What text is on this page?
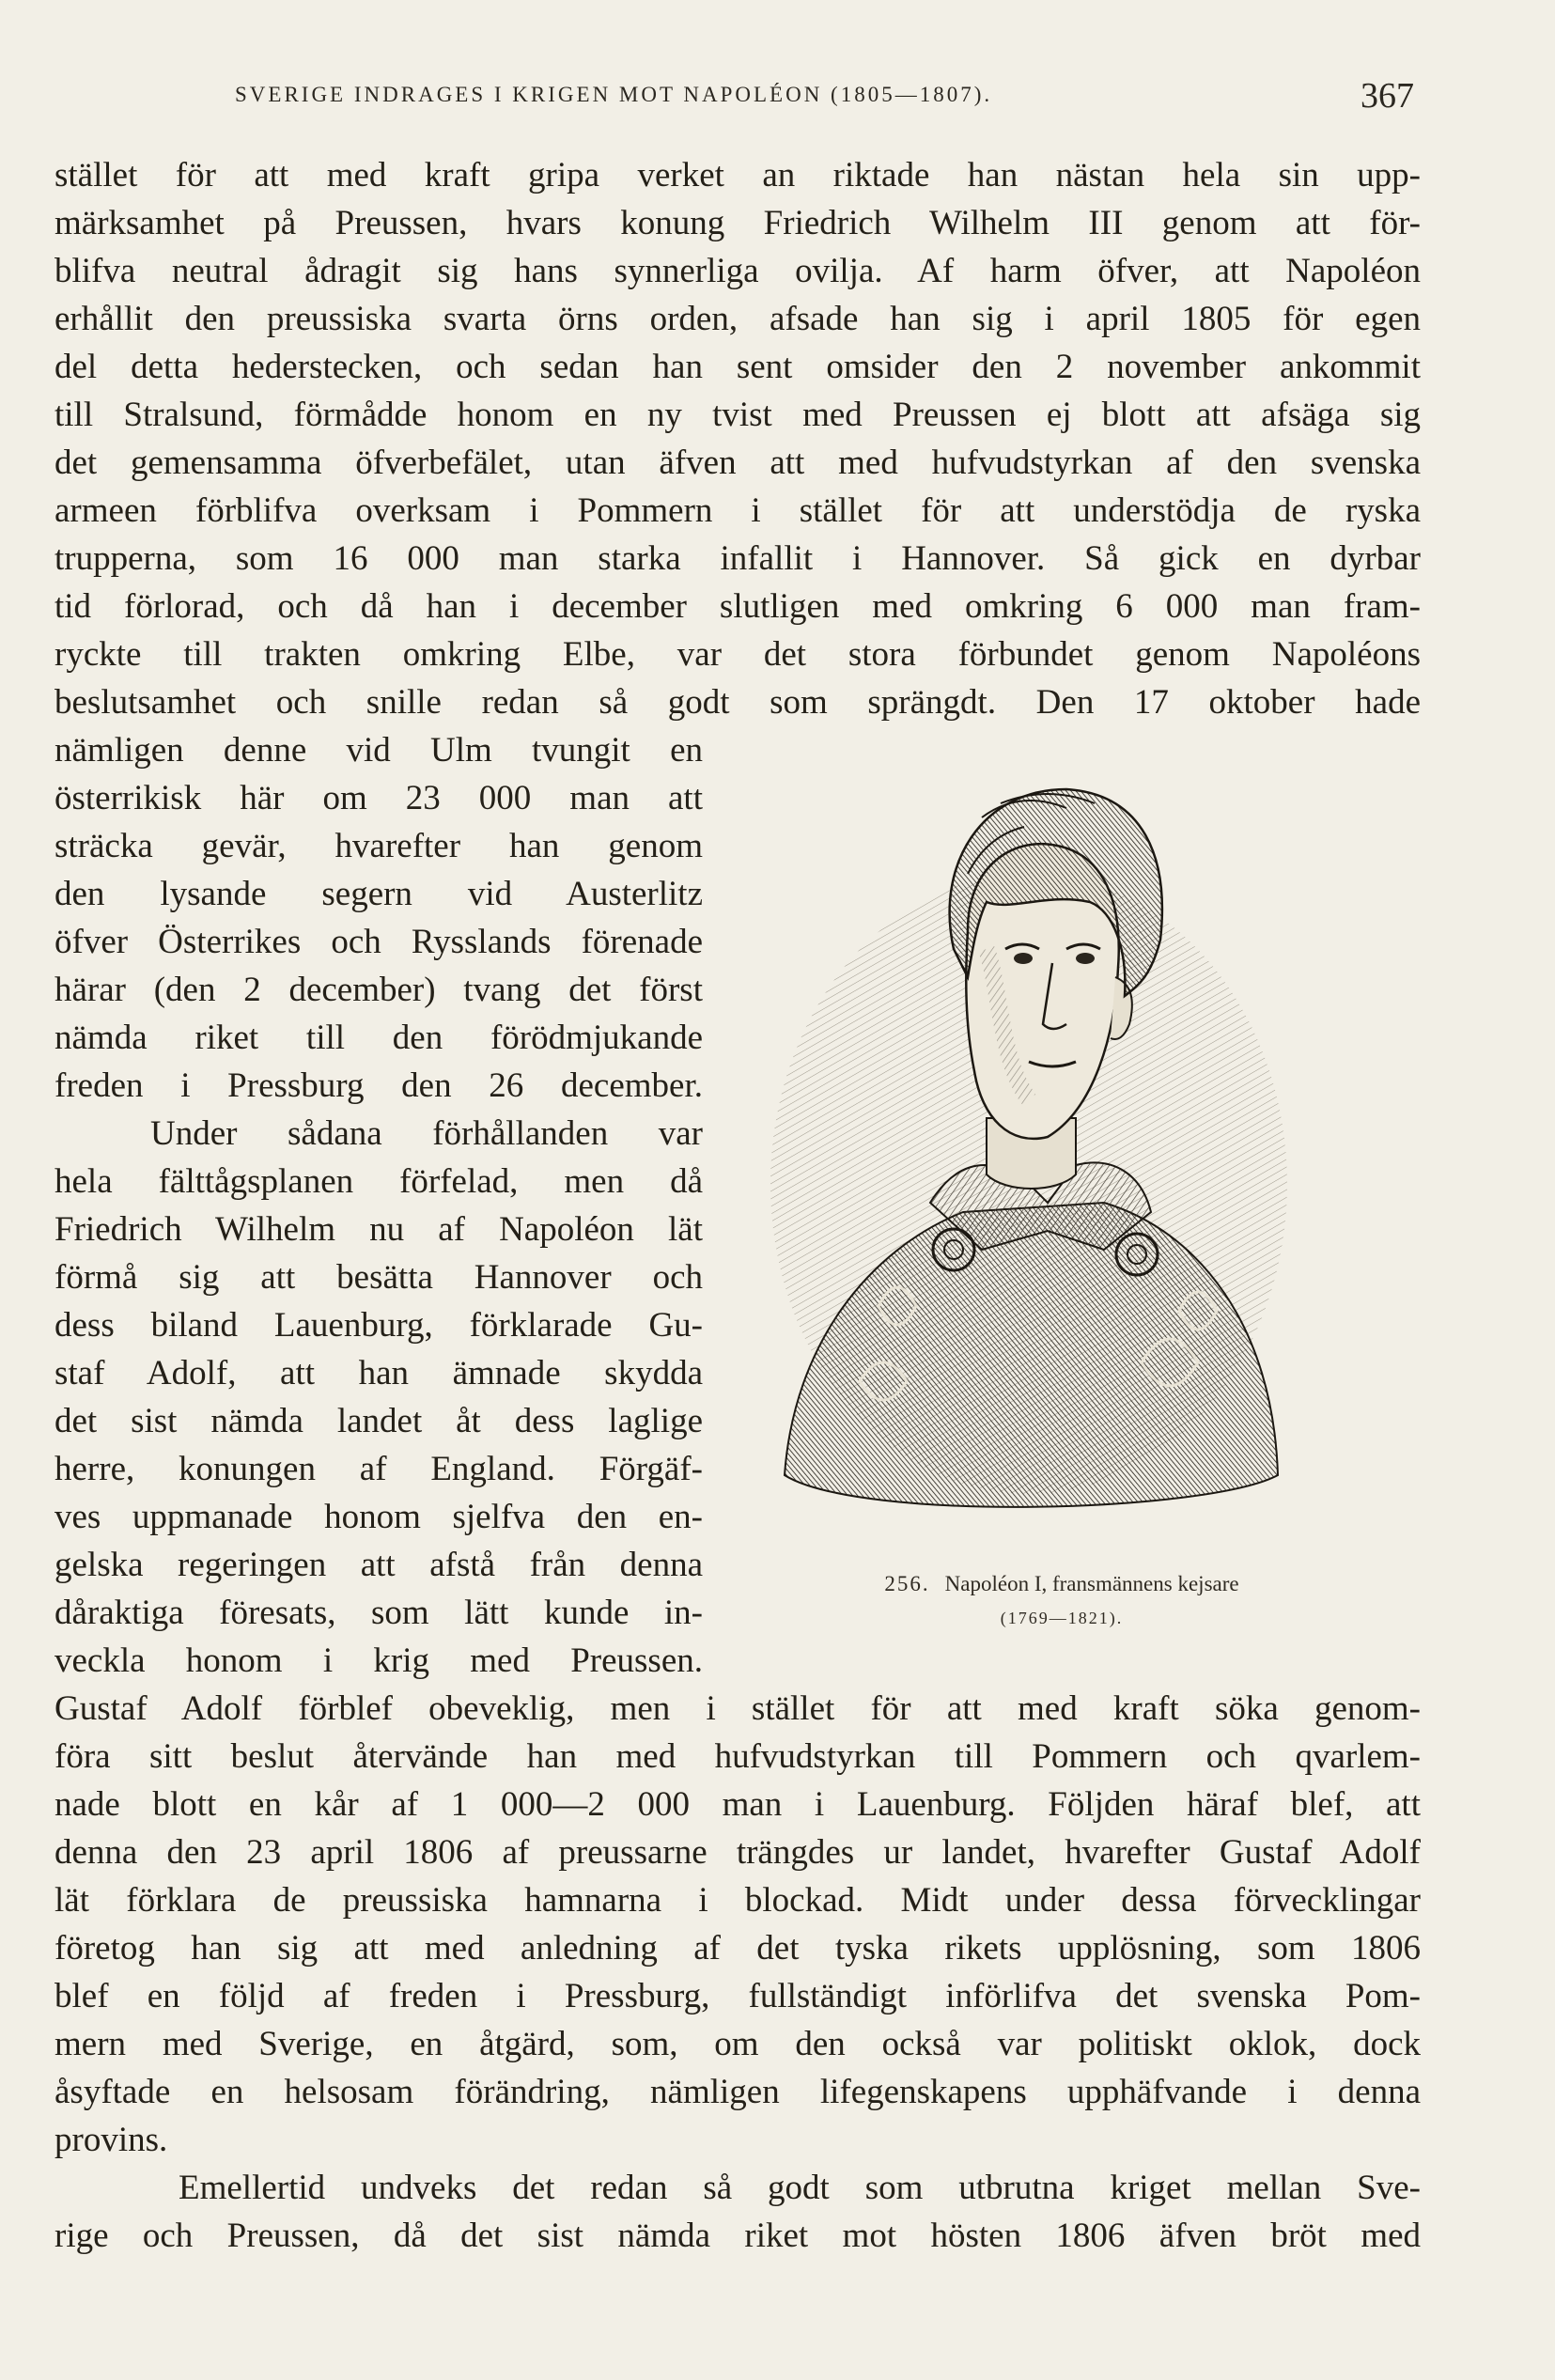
SVERIGE INDRAGES I KRIGEN MOT NAPOLÉON (1805—1807).	367
stället för att med kraft gripa verket an riktade han nästan hela sin upp-
märksamhet på Preussen, hvars konung Friedrich Wilhelm III genom att för-
blifva neutral ådragit sig hans synnerliga ovilja. Af harm öfver, att Napoléon
erhållit den preussiska svarta örns orden, afsade han sig i april 1805 för egen
del detta hederstecken, och sedan han sent omsider den 2 november ankommit
till Stralsund, förmådde honom en ny tvist med Preussen ej blott att afsäga sig
det gemensamma öfverbefälet, utan äfven att med hufvudstyrkan af den svenska
armeen förblifva overksam i Pommern i stället för att understödja de ryska
trupperna, som 16 000 man starka infallit i Hannover. Så gick en dyrbar
tid förlorad, och då han i december slutligen med omkring 6 000 man fram-
ryckte till trakten omkring Elbe, var det stora förbundet genom Napoléons
beslutsamhet och snille redan så godt som sprängdt. Den 17 oktober hade
nämligen denne vid Ulm tvungit en
österrikisk här om 23 000 man att
sträcka gevär, hvarefter han genom
den lysande segern vid Austerlitz
öfver Österrikes och Rysslands förenade
härar (den 2 december) tvang det först
nämda riket till den förödmjukande
freden i Pressburg den 26 december.
Under sådana förhållanden var
hela fälttågsplanen förfelad, men då
Friedrich Wilhelm nu af Napoléon lät
förmå sig att besätta Hannover och
dess biland Lauenburg, förklarade Gu-
staf Adolf, att han ämnade skydda
det sist nämda landet åt dess laglige
herre, konungen af England. Förgäf-
ves uppmanade honom sjelfva den en-
gelska regeringen att afstå från denna
dåraktiga föresats, som lätt kunde in-
veckla honom i krig med Preussen.
Gustaf Adolf förblef obeveklig, men i stället för att med kraft söka genom-
föra sitt beslut återvände han med hufvudstyrkan till Pommern och qvarlem-
nade blott en kår af 1 000—2 000 man i Lauenburg. Följden häraf blef, att
denna den 23 april 1806 af preussarne trängdes ur landet, hvarefter Gustaf Adolf
lät förklara de preussiska hamnarna i blockad. Midt under dessa förvecklingar
företog han sig att med anledning af det tyska rikets upplösning, som 1806
blef en följd af freden i Pressburg, fullständigt införlifva det svenska Pom-
mern med Sverige, en åtgärd, som, om den också var politiskt oklok, dock
åsyftade en helsosam förändring, nämligen lifegenskapens upphäfvande i denna
provins.
Emellertid undveks det redan så godt som utbrutna kriget mellan Sve-
rige och Preussen, då det sist nämda riket mot hösten 1806 äfven bröt med
256. Napoléon I, fransmännens kejsare
(1769—1821).
